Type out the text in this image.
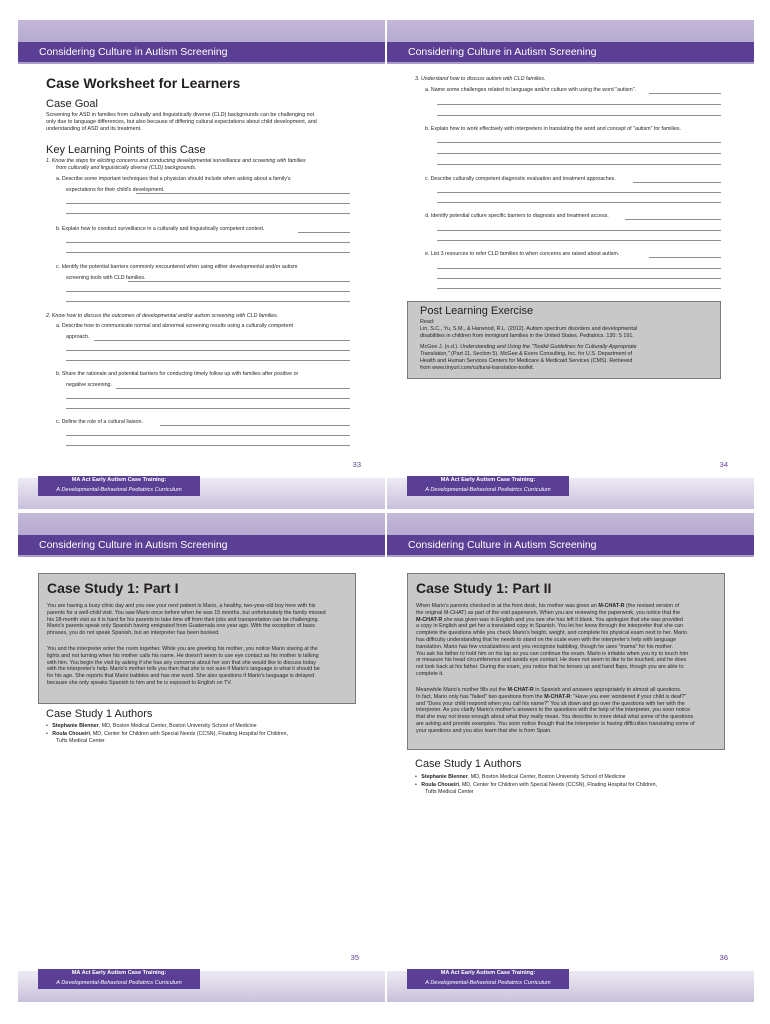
Considering Culture in Autism Screening
Case Worksheet for Learners
Case Goal
Screening for ASD in families from culturally and linguistically diverse (CLD) backgrounds can be challenging not
only due to language differences, but also because of differing cultural expectations about child development, and
understanding of ASD and its treatment.
Key Learning Points of this Case
1. Know the steps for eliciting concerns and conducting developmental surveillance and screening with families
from culturally and linguistically diverse (CLD) backgrounds.
a. Describe some important techniques that a physician should include when asking about a family's
expectations for their child's development.
b. Explain how to conduct surveillance in a culturally and linguistically competent context.
c. Identify the potential barriers commonly encountered when using either developmental and/or autism
screening tools with CLD families.
2. Know how to discuss the outcomes of developmental and/or autism screening with CLD families.
a. Describe how to communicate normal and abnormal screening results using a culturally competent
approach.
b. Share the rationale and potential barriers for conducting timely follow up with families after positive or
negative screening.
c. Define the role of a cultural liaison.
33
MA Act Early Autism Case Training:
A Developmental-Behavioral Pediatrics Curriculum
Considering Culture in Autism Screening
3. Understand how to discuss autism with CLD families.
a. Name some challenges related to language and/or culture with using the word "autism".
b. Explain how to work effectively with interpreters in translating the word and concept of "autism" for families.
c. Describe culturally competent diagnostic evaluation and treatment approaches.
d. Identify potential culture specific barriers to diagnosis and treatment access.
e. List 3 resources to refer CLD families to when concerns are raised about autism.
Post Learning Exercise
Read:
Lin, S.C., Yu, S.M., & Harwood, R.L. (2012). Autism spectrum disorders and developmental
disabilities in children from immigrant families in the United States. Pediatrics. 130: S 191.
McGee J. (n.d.). Understanding and Using the "Toolkit Guidelines for Culturally Appropriate
Translation," (Part 11, Section 5). McGee & Evers Consulting, Inc. for U.S. Department of
Health and Human Services Centers for Medicare & Medicaid Services (CMS). Retrieved
from www.tinyurl.com/cultural-translation-toolkit.
34
MA Act Early Autism Case Training:
A Developmental-Behavioral Pediatrics Curriculum
Considering Culture in Autism Screening
Case Study 1: Part I
You are having a busy clinic day and you see your next patient is Mario, a healthy, two-year-old boy here with his
parents for a well-child visit. You saw Mario once before when he was 15 months, but unfortunately the family missed
his 18-month visit as it is hard for his parents to take time off from their jobs and transportation can be challenging.
Mario's parents speak only Spanish having emigrated from Guatemala one year ago. With the exception of basic
phrases, you do not speak Spanish, but an interpreter has been booked.
You and the interpreter enter the room together. While you are greeting his mother, you notice Mario staring at the
lights and not turning when his mother calls his name. He doesn't seem to use eye contact as his mother is talking
with him. You begin the visit by asking if she has any concerns about her son that she would like to discuss today
with the interpreter's help. Mario's mother tells you then that she is not sure if Mario's language is what it should be
for his age. She reports that Mario babbles and has one word. She also questions if Mario's language is delayed
because she only speaks Spanish to him and he is exposed to English on TV.
Case Study 1 Authors
•   Stephanie Blenner, MD, Boston Medical Center, Boston University School of Medicine
•   Roula Choueiri, MD, Center for Children with Special Needs (CCSN), Floating Hospital for Children,
Tufts Medical Center
35
MA Act Early Autism Case Training:
A Developmental-Behavioral Pediatrics Curriculum
Considering Culture in Autism Screening
Case Study 1: Part II
When Mario's parents checked in at the front desk, his mother was given an M-CHAT-R (the revised version of
the original M-CHAT) as part of the visit paperwork. When you are reviewing the paperwork, you notice that the
M-CHAT-R she was given was in English and you see she has left it blank. You apologize that she was provided
a copy in English and get her a translated copy in Spanish. You let her know through the interpreter that she can
complete the questions while you check Mario's height, weight, and complete his physical exam next to her. Mario
has difficulty understanding that he needs to stand on the scale even with the interpreter's help with language
translation. Mario has few vocalizations and you recognize babbling, though he uses "mama" for his mother.
You ask his father to hold him on his lap so you can continue the exam. Mario is irritable when you try to touch him
or measure his head circumference and avoids eye contact. He does not seem to like to be touched, and he does
not look back at his father. During the exam, you notice that he tenses up and hand flaps, though you are able to
complete it.
Meanwhile Mario's mother fills out the M-CHAT-R in Spanish and answers appropriately to almost all questions.
In fact, Mario only has "failed" two questions from the M-CHAT-R: "Have you ever wondered if your child is deaf?"
and "Does your child respond when you call his name?" You sit down and go over the questions with her with the
interpreter. As you clarify Mario's mother's answers to the questions with the help of the interpreter, you soon notice
that she may not know enough about what they really mean. You describe in more detail what some of the questions
are asking and provide examples. You soon notice though that the interpreter is having difficulties translating some of
your questions and you also learn that she is from Spain.
Case Study 1 Authors
•   Stephanie Blenner, MD, Boston Medical Center, Boston University School of Medicine
•   Roula Choueiri, MD, Center for Children with Special Needs (CCSN), Floating Hospital for Children,
Tufts Medical Center
36
MA Act Early Autism Case Training:
A Developmental-Behavioral Pediatrics Curriculum
